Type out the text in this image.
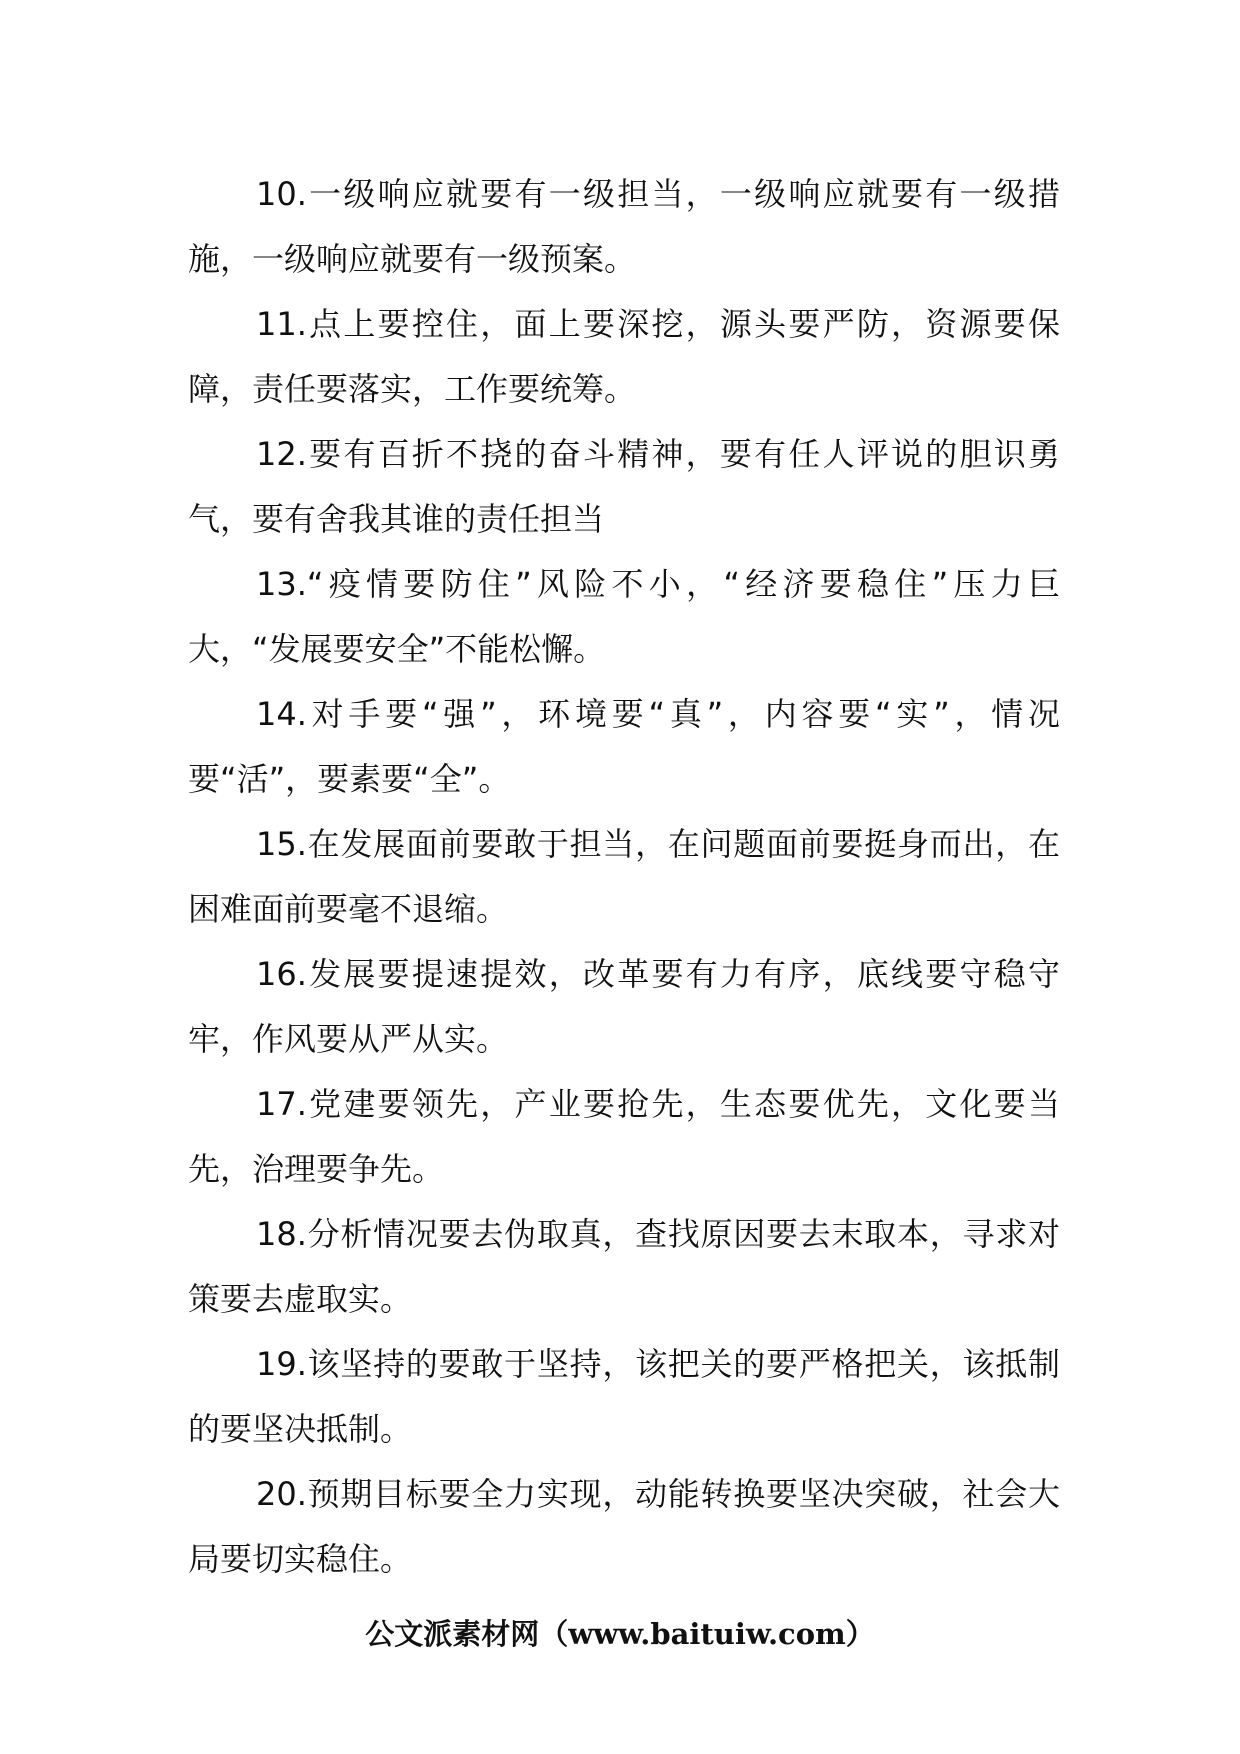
10.一级响应就要有一级担当，一级响应就要有一级措施，一级响应就要有一级预案。

11.点上要控住，面上要深挖，源头要严防，资源要保障，责任要落实，工作要统筹。

12.要有百折不挠的奋斗精神，要有任人评说的胆识勇气，要有舍我其谁的责任担当

13.“疫情要防住”风险不小，“经济要稳住”压力巨大，“发展要安全”不能松懈。

14.对手要“强”，环境要“真”，内容要“实”，情况要“活”，要素要“全”。

15.在发展面前要敢于担当，在问题面前要挺身而出，在困难面前要毫不退缩。

16.发展要提速提效，改革要有力有序，底线要守稳守牢，作风要从严从实。

17.党建要领先，产业要抢先，生态要优先，文化要当先，治理要争先。

18.分析情况要去伪取真，查找原因要去末取本，寻求对策要去虚取实。

19.该坚持的要敢于坚持，该把关的要严格把关，该抵制的要坚决抵制。

20.预期目标要全力实现，动能转换要坚决突破，社会大局要切实稳住。

公文派素材网（www.baituiw.com）
